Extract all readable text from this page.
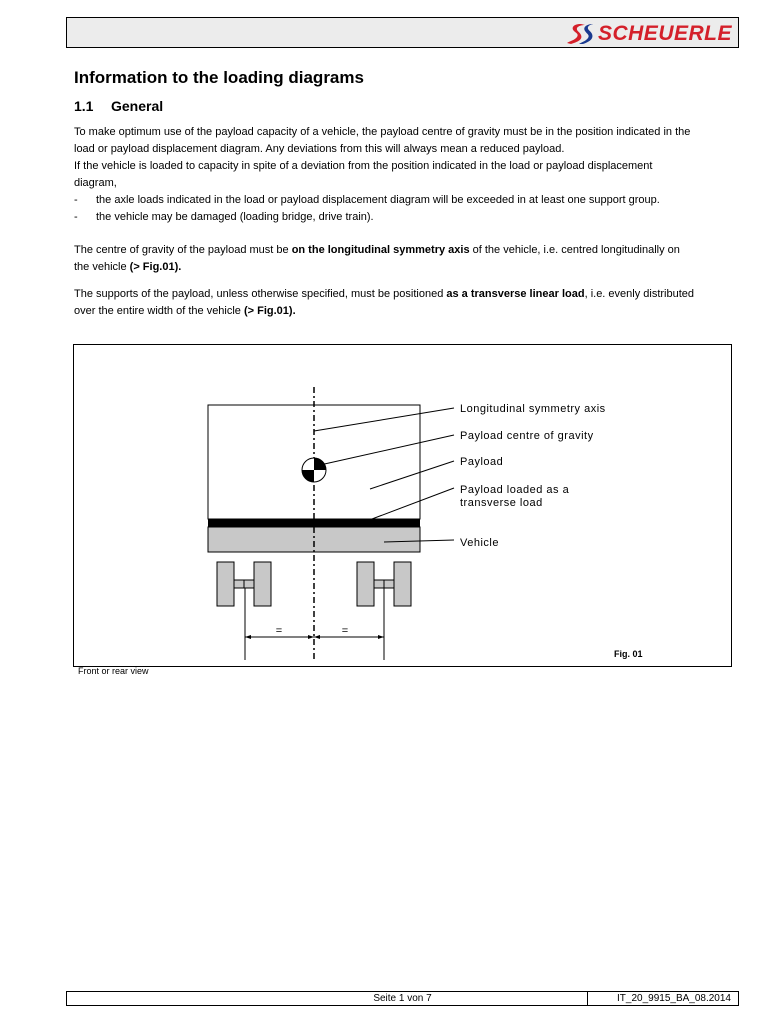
SCHEUERLE
Information to the loading diagrams
1.1 General
To make optimum use of the payload capacity of a vehicle, the payload centre of gravity must be in the position indicated in the
load or payload displacement diagram. Any deviations from this will always mean a reduced payload.
If the vehicle is loaded to capacity in spite of a deviation from the position indicated in the load or payload displacement
diagram,
-	the axle loads indicated in the load or payload displacement diagram will be exceeded in at least one support group.
-	the vehicle may be damaged (loading bridge, drive train).
The centre of gravity of the payload must be on the longitudinal symmetry axis of the vehicle, i.e. centred longitudinally on
the vehicle (> Fig.01).
The supports of the payload, unless otherwise specified, must be positioned as a transverse linear load, i.e. evenly distributed
over the entire width of the vehicle (> Fig.01).
=	=
Longitudinal symmetry axis
Payload centre of gravity
Payload
Payload loaded as a
transverse load
Vehicle
Fig. 01
Front or rear view
Seite 1 von 7	IT_20_9915_BA_08.2014
